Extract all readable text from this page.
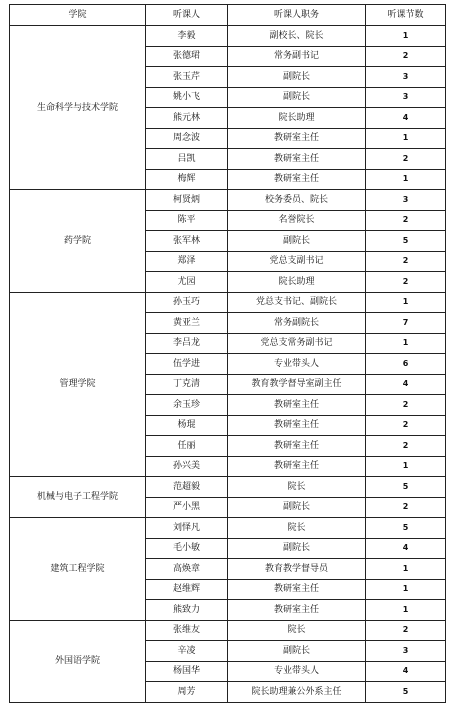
学院	听课人	听课人职务	听课节数
生命科学与技术学院	李毅	副校长、院长	1
	张德珺	常务副书记	2
	张玉芹	副院长	3
	姚小飞	副院长	3
	熊元林	院长助理	4
	周念波	教研室主任	1
	吕凯	教研室主任	2
	梅辉	教研室主任	1
药学院	柯贤炳	校务委员、院长	3
	陈平	名誉院长	2
	张军林	副院长	5
	郑泽	党总支副书记	2
	尤园	院长助理	2
管理学院	孙玉巧	党总支书记、副院长	1
	黄亚兰	常务副院长	7
	李吕龙	党总支常务副书记	1
	伍学进	专业带头人	6
	丁克清	教育教学督导室副主任	4
	余玉珍	教研室主任	2
	杨琨	教研室主任	2
	任丽	教研室主任	2
	孙兴美	教研室主任	1
机械与电子工程学院	范超毅	院长	5
	严小黑	副院长	2
建筑工程学院	刘怿凡	院长	5
	毛小敏	副院长	4
	高焕章	教育教学督导员	1
	赵维辉	教研室主任	1
	熊致力	教研室主任	1
外国语学院	张维友	院长	2
	辛凌	副院长	3
	杨国华	专业带头人	4
	周芳	院长助理兼公外系主任	5
